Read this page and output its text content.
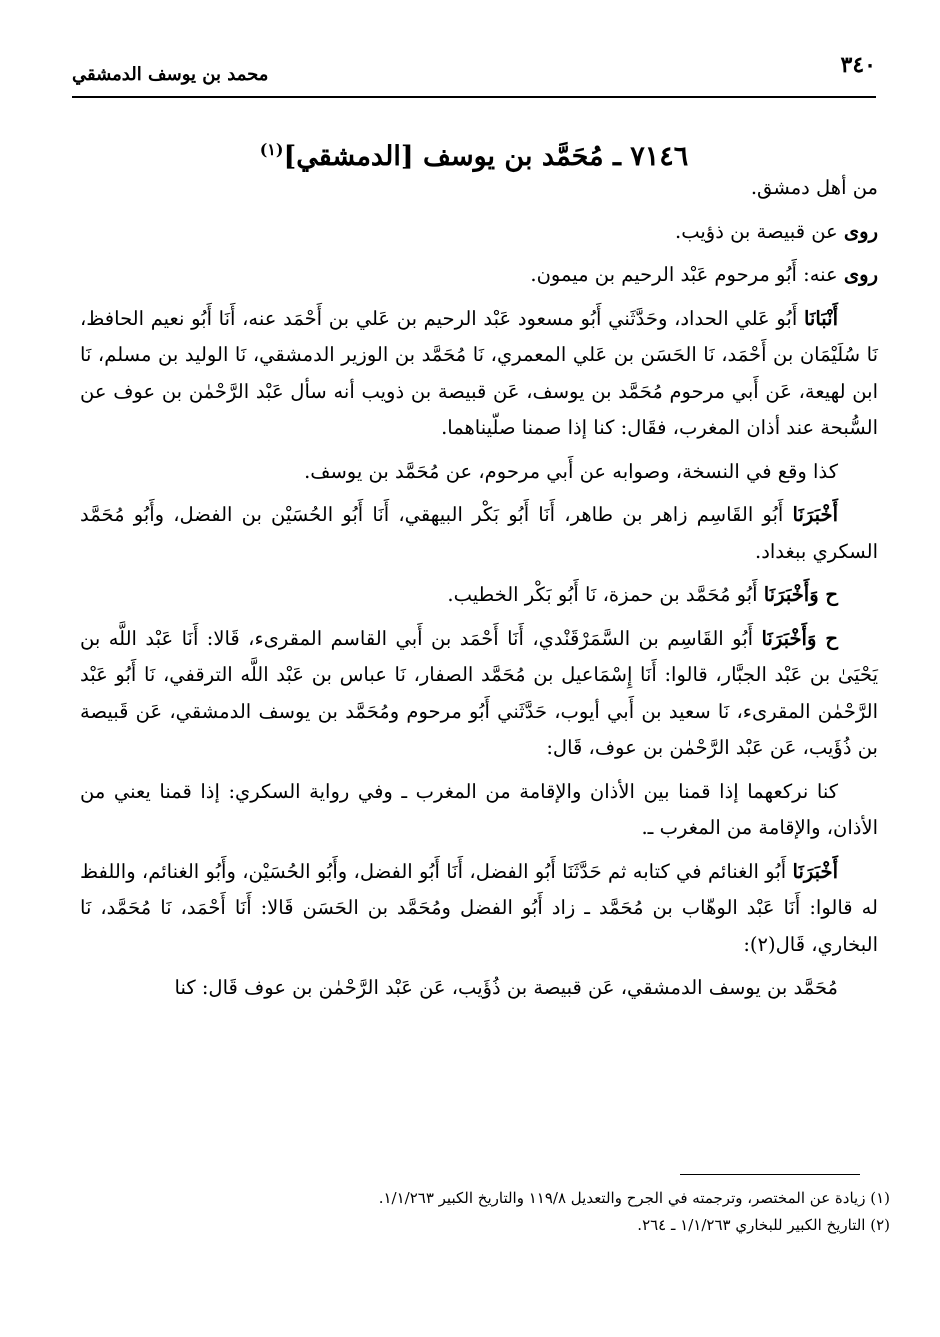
٣٤٠
محمد بن يوسف الدمشقي
٧١٤٦ ـ مُحَمَّد بن يوسف [الدمشقي]$^{(١)}$

من أهل دمشق.

روى عن قبيصة بن ذؤيب.

روى عنه: أَبُو مرحوم عَبْد الرحيم بن ميمون.

أَنْبَانَا أَبُو عَلي الحداد، وحَدَّثَني أَبُو مسعود عَبْد الرحيم بن عَلي بن أَحْمَد عنه، أَنَا أَبُو نعيم الحافظ، نَا سُلَيْمَان بن أَحْمَد، نَا الحَسَن بن عَلي المعمري، نَا مُحَمَّد بن الوزير الدمشقي، نَا الوليد بن مسلم، نَا ابن لهيعة، عَن أَبي مرحوم مُحَمَّد بن يوسف، عَن قبيصة بن ذويب أنه سأل عَبْد الرَّحْمٰن بن عوف عن السُّبحة عند أذان المغرب، فقَال: كنا إذا صمنا صلّيناهما.

كذا وقع في النسخة، وصوابه عن أَبي مرحوم، عن مُحَمَّد بن يوسف.

أَخْبَرَنَا أَبُو القَاسِم زاهر بن طاهر، أَنَا أَبُو بَكْر البيهقي، أَنَا أَبُو الحُسَيْن بن الفضل، وأَبُو مُحَمَّد السكري ببغداد.

ح وَأَخْبَرَنَا أَبُو مُحَمَّد بن حمزة، نَا أَبُو بَكْر الخطيب.

ح وَأَخْبَرَنَا أَبُو القَاسِم بن السَّمَرْقَنْدي، أَنَا أَحْمَد بن أَبي القاسم المقرىء، قَالا: أَنَا عَبْد اللَّه بن يَحْيَىٰ بن عَبْد الجبَّار، قالوا: أَنَا إِسْمَاعيل بن مُحَمَّد الصفار، نَا عباس بن عَبْد اللَّه الترقفي، نَا أَبُو عَبْد الرَّحْمٰن المقرىء، نَا سعيد بن أَبي أيوب، حَدَّثَني أَبُو مرحوم ومُحَمَّد بن يوسف الدمشقي، عَن قَبيصة بن ذُؤَيب، عَن عَبْد الرَّحْمٰن بن عوف، قَال:

كنا نركعهما إذا قمنا بين الأذان والإقامة من المغرب ـ وفي رواية السكري: إذا قمنا يعني من الأذان، والإقامة من المغرب ـ.

أَخْبَرَنَا أَبُو الغنائم في كتابه ثم حَدَّثَنَا أَبُو الفضل، أَنَا أَبُو الفضل، وأَبُو الحُسَيْن، وأَبُو الغنائم، واللفظ له قالوا: أَنَا عَبْد الوهّاب بن مُحَمَّد ـ زاد أَبُو الفضل ومُحَمَّد بن الحَسَن قَالا: أَنَا أَحْمَد، نَا مُحَمَّد، نَا البخاري، قَال(٢):

مُحَمَّد بن يوسف الدمشقي، عَن قبيصة بن ذُؤَيب، عَن عَبْد الرَّحْمٰن بن عوف قَال: كنا

(١) زيادة عن المختصر، وترجمته في الجرح والتعديل ١١٩/٨ والتاريخ الكبير ١/١/٢٦٣.
(٢) التاريخ الكبير للبخاري ١/١/٢٦٣ ـ ٢٦٤.
